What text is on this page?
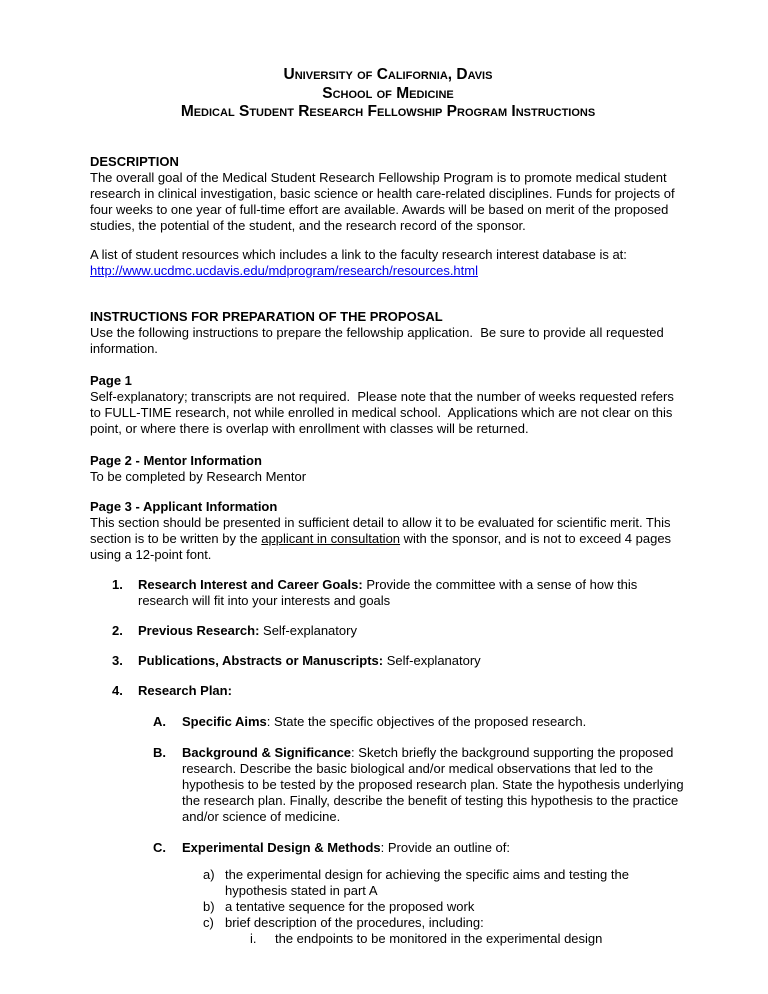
University of California, Davis
School of Medicine
Medical Student Research Fellowship Program Instructions
DESCRIPTION

The overall goal of the Medical Student Research Fellowship Program is to promote medical student research in clinical investigation, basic science or health care-related disciplines. Funds for projects of four weeks to one year of full-time effort are available. Awards will be based on merit of the proposed studies, the potential of the student, and the research record of the sponsor.

A list of student resources which includes a link to the faculty research interest database is at:

http://www.ucdmc.ucdavis.edu/mdprogram/research/resources.html
INSTRUCTIONS FOR PREPARATION OF THE PROPOSAL

Use the following instructions to prepare the fellowship application.  Be sure to provide all requested information.

Page 1

Self-explanatory; transcripts are not required.  Please note that the number of weeks requested refers to FULL-TIME research, not while enrolled in medical school.  Applications which are not clear on this point, or where there is overlap with enrollment with classes will be returned.

Page 2 - Mentor Information

To be completed by Research Mentor

Page 3 - Applicant Information

This section should be presented in sufficient detail to allow it to be evaluated for scientific merit. This section is to be written by the applicant in consultation with the sponsor, and is not to exceed 4 pages using a 12-point font.

1.	Research Interest and Career Goals: Provide the committee with a sense of how this research will fit into your interests and goals
2.	Previous Research: Self-explanatory
3.	Publications, Abstracts or Manuscripts: Self-explanatory
4.	Research Plan:
A.	Specific Aims: State the specific objectives of the proposed research.
B.	Background & Significance: Sketch briefly the background supporting the proposed research. Describe the basic biological and/or medical observations that led to the hypothesis to be tested by the proposed research plan. State the hypothesis underlying the research plan. Finally, describe the benefit of testing this hypothesis to the practice and/or science of medicine.
C.	Experimental Design & Methods: Provide an outline of:
a) the experimental design for achieving the specific aims and testing the hypothesis stated in part A
b) a tentative sequence for the proposed work
c) brief description of the procedures, including:
i.	the endpoints to be monitored in the experimental design
